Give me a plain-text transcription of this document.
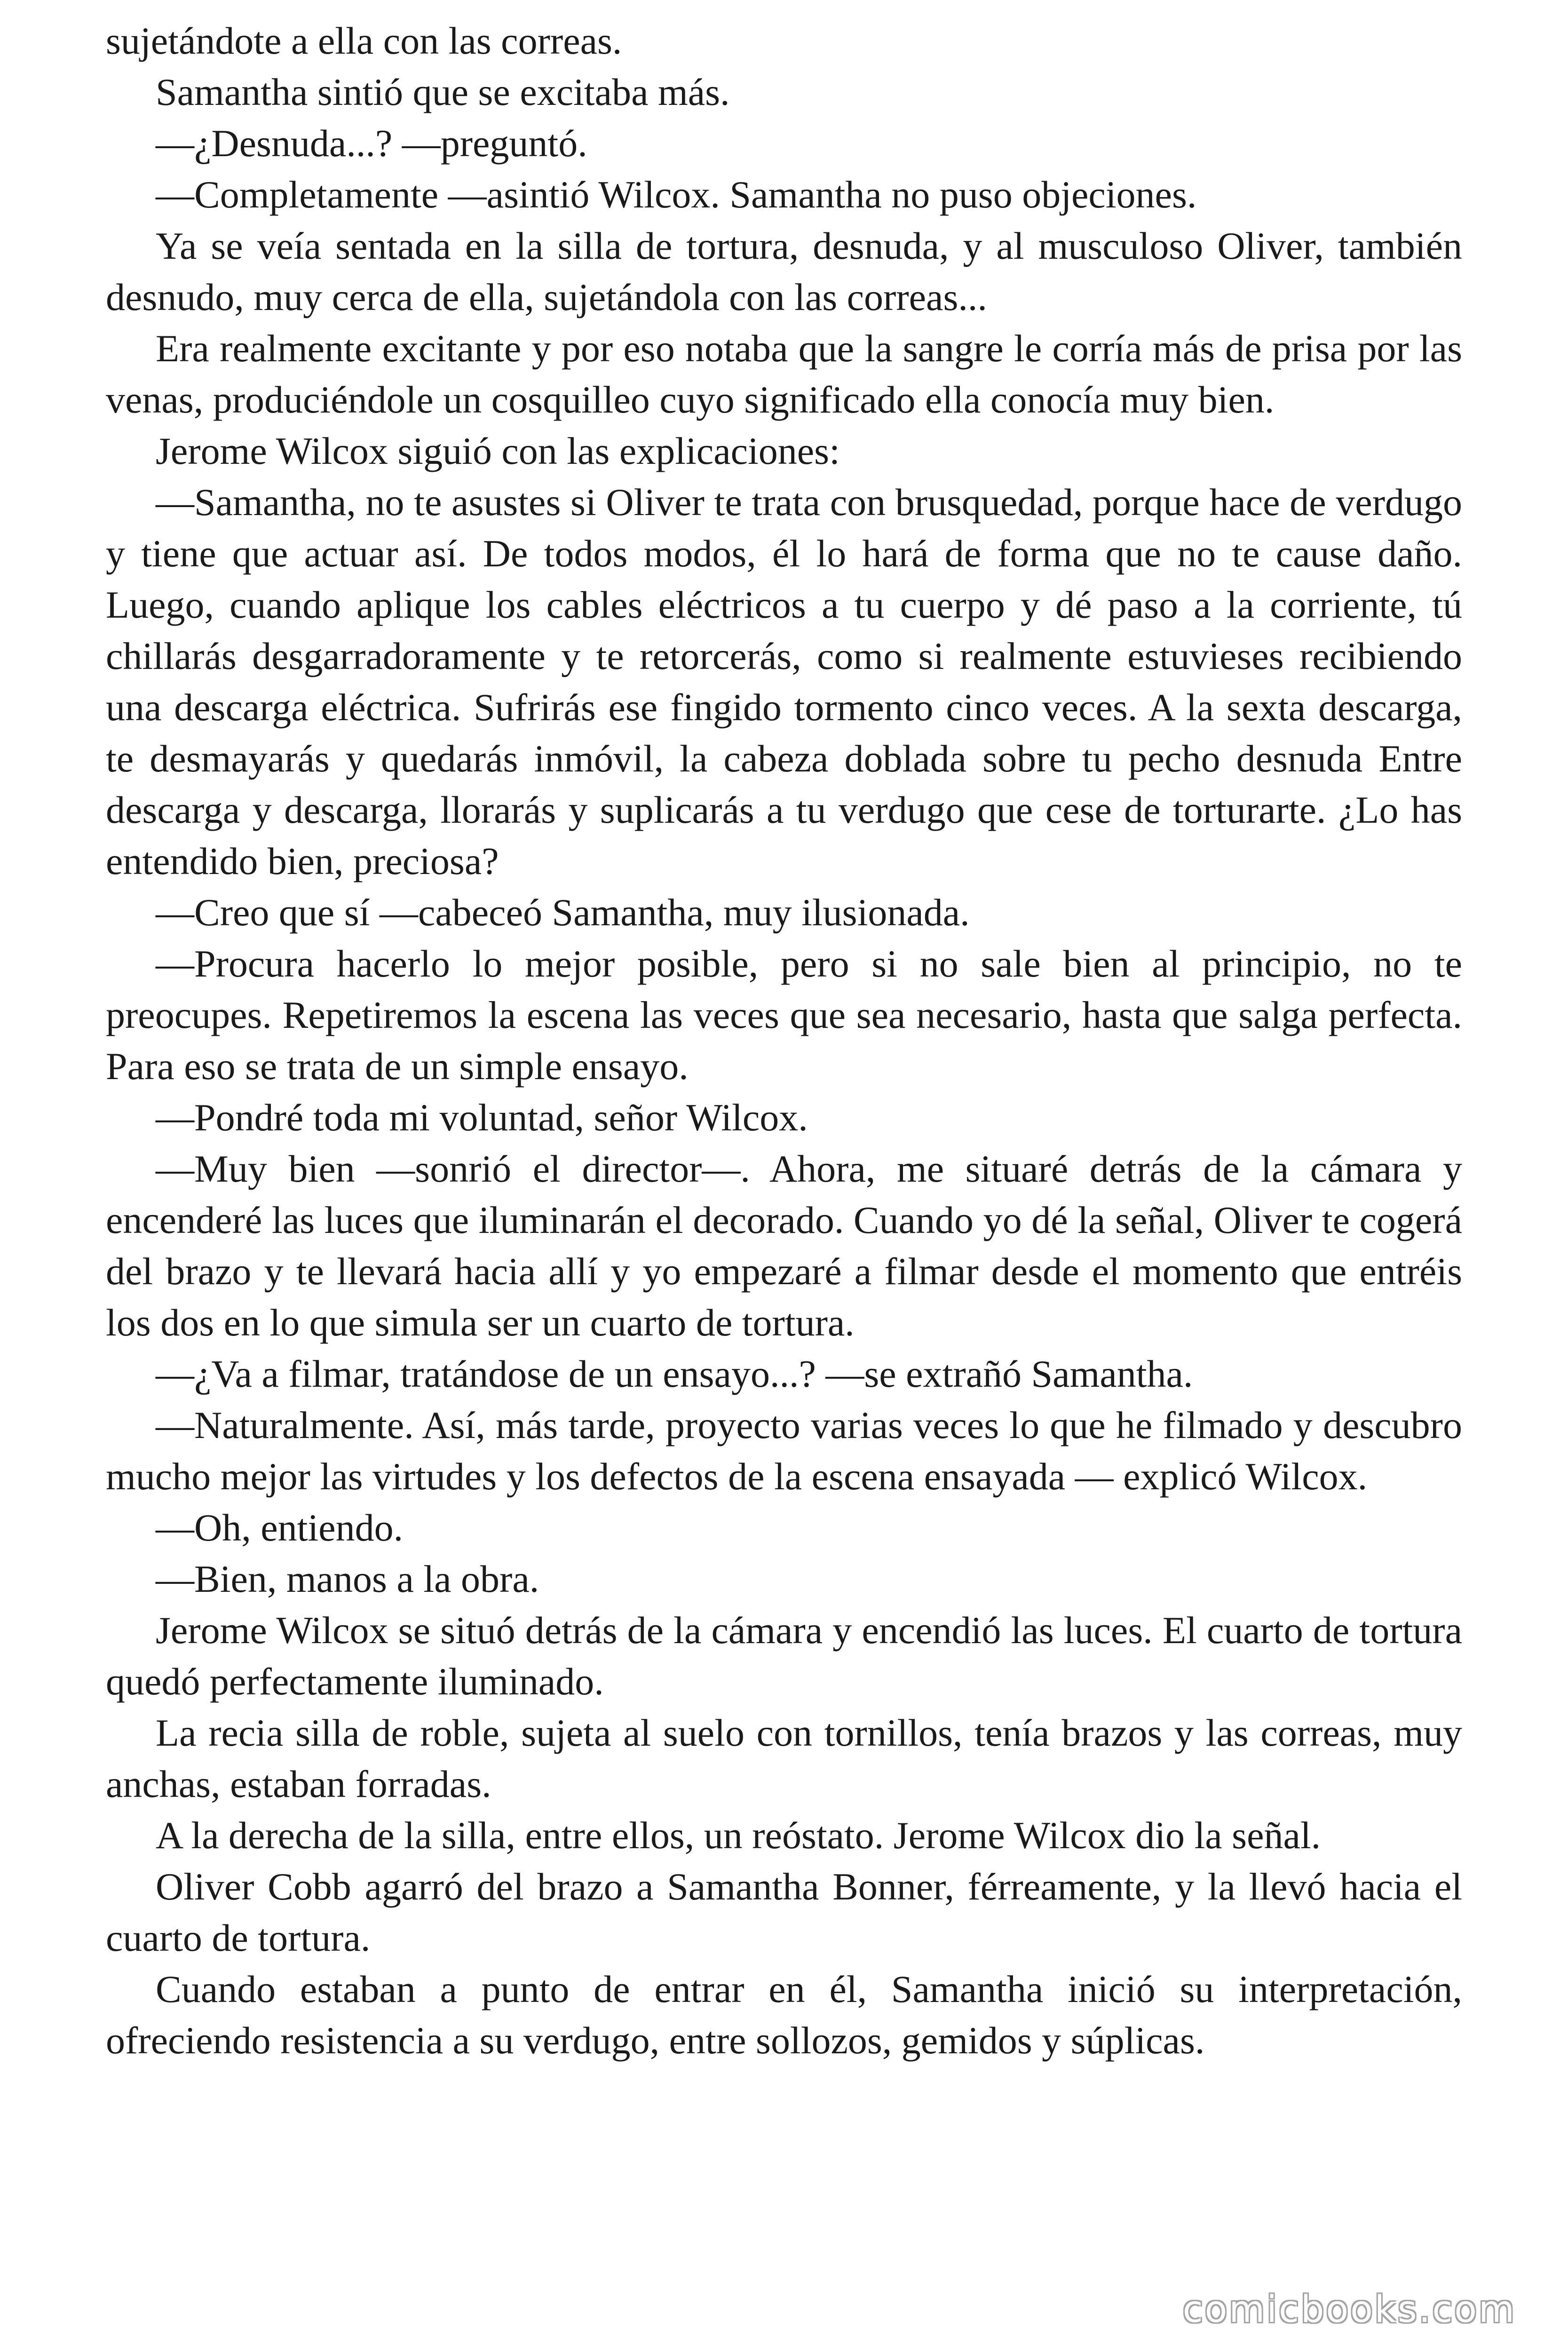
sujetándote a ella con las correas.

Samantha sintió que se excitaba más.

—¿Desnuda...? —preguntó.

—Completamente —asintió Wilcox. Samantha no puso objeciones.

Ya se veía sentada en la silla de tortura, desnuda, y al musculoso Oliver, también desnudo, muy cerca de ella, sujetándola con las correas...

Era realmente excitante y por eso notaba que la sangre le corría más de prisa por las venas, produciéndole un cosquilleo cuyo significado ella conocía muy bien.

Jerome Wilcox siguió con las explicaciones:

—Samantha, no te asustes si Oliver te trata con brusquedad, porque hace de verdugo y tiene que actuar así. De todos modos, él lo hará de forma que no te cause daño. Luego, cuando aplique los cables eléctricos a tu cuerpo y dé paso a la corriente, tú chillarás desgarradoramente y te retorcerás, como si realmente estuvieses recibiendo una descarga eléctrica. Sufrirás ese fingido tormento cinco veces. A la sexta descarga, te desmayarás y quedarás inmóvil, la cabeza doblada sobre tu pecho desnuda Entre descarga y descarga, llorarás y suplicarás a tu verdugo que cese de torturarte. ¿Lo has entendido bien, preciosa?

—Creo que sí —cabeceó Samantha, muy ilusionada.

—Procura hacerlo lo mejor posible, pero si no sale bien al principio, no te preocupes. Repetiremos la escena las veces que sea necesario, hasta que salga perfecta. Para eso se trata de un simple ensayo.

—Pondré toda mi voluntad, señor Wilcox.

—Muy bien —sonrió el director—. Ahora, me situaré detrás de la cámara y encenderé las luces que iluminarán el decorado. Cuando yo dé la señal, Oliver te cogerá del brazo y te llevará hacia allí y yo empezaré a filmar desde el momento que entréis los dos en lo que simula ser un cuarto de tortura.

—¿Va a filmar, tratándose de un ensayo...? —se extrañó Samantha.

—Naturalmente. Así, más tarde, proyecto varias veces lo que he filmado y descubro mucho mejor las virtudes y los defectos de la escena ensayada — explicó Wilcox.

—Oh, entiendo.

—Bien, manos a la obra.

Jerome Wilcox se situó detrás de la cámara y encendió las luces. El cuarto de tortura quedó perfectamente iluminado.

La recia silla de roble, sujeta al suelo con tornillos, tenía brazos y las correas, muy anchas, estaban forradas.

A la derecha de la silla, entre ellos, un reóstato. Jerome Wilcox dio la señal.

Oliver Cobb agarró del brazo a Samantha Bonner, férreamente, y la llevó hacia el cuarto de tortura.

Cuando estaban a punto de entrar en él, Samantha inició su interpretación, ofreciendo resistencia a su verdugo, entre sollozos, gemidos y súplicas.

comicbooks.com
